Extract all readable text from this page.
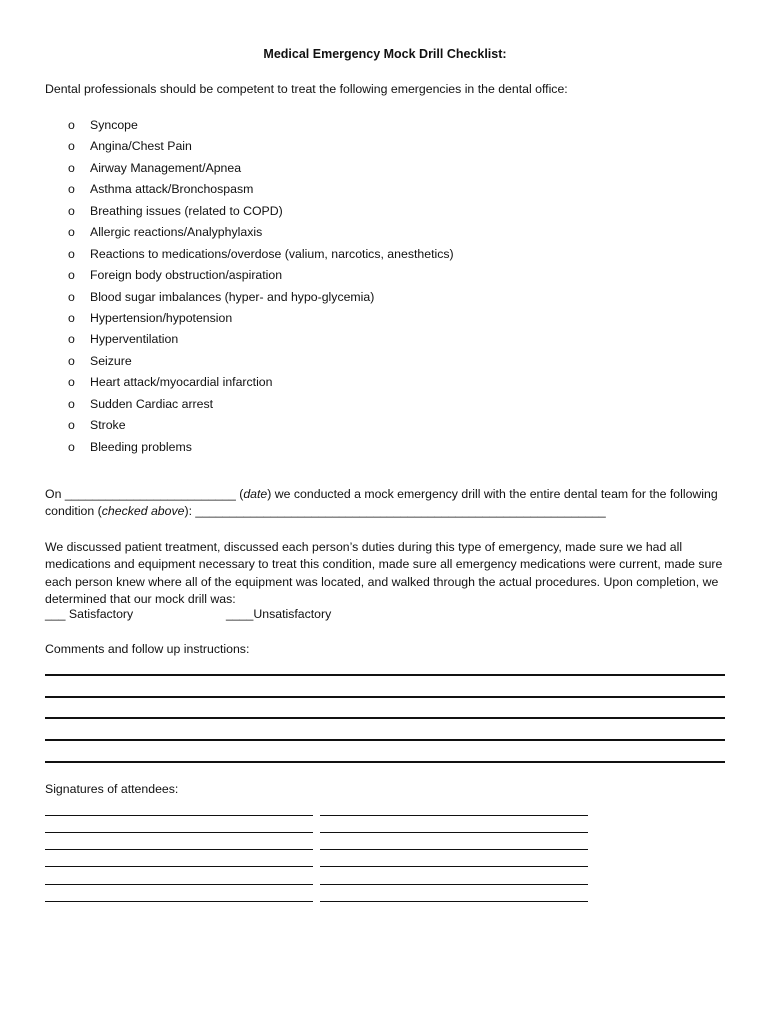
Medical Emergency Mock Drill Checklist:
Dental professionals should be competent to treat the following emergencies in the dental office:
o Syncope
o Angina/Chest Pain
o Airway Management/Apnea
o Asthma attack/Bronchospasm
o Breathing issues (related to COPD)
o Allergic reactions/Analyphylaxis
o Reactions to medications/overdose (valium, narcotics, anesthetics)
o Foreign body obstruction/aspiration
o Blood sugar imbalances (hyper- and hypo-glycemia)
o Hypertension/hypotension
o Hyperventilation
o Seizure
o Heart attack/myocardial infarction
o Sudden Cardiac arrest
o Stroke
o Bleeding problems
On _________________________ (date) we conducted a mock emergency drill with the entire dental team for the following condition (checked above): ____________________________________________________________
We discussed patient treatment, discussed each person’s duties during this type of emergency, made sure we had all medications and equipment necessary to treat this condition, made sure all emergency medications were current, made sure each person knew where all of the equipment was located, and walked through the actual procedures. Upon completion, we determined that our mock drill was:
___ Satisfactory	____Unsatisfactory
Comments and follow up instructions:
Signatures of attendees:
